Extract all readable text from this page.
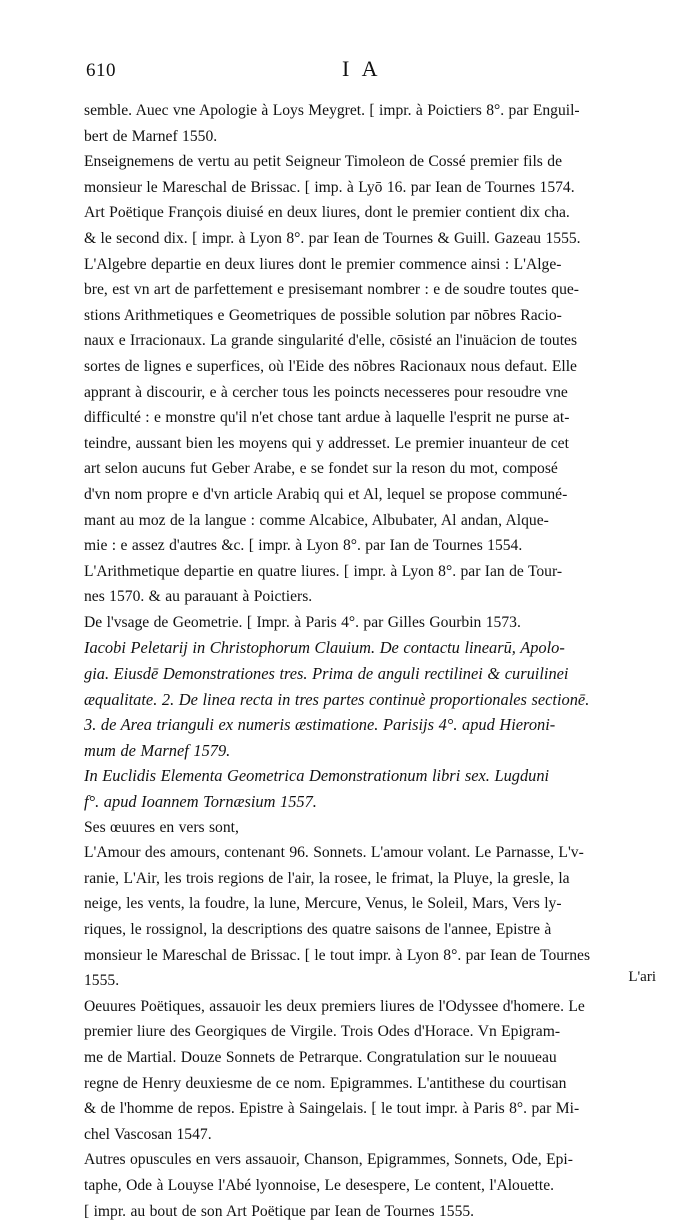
610	I A
semble. Auec vne Apologie à Loys Meygret. [ impr. à Poictiers 8°. par Enguil-
bert de Marnef 1550.
Enseignemens de vertu au petit Seigneur Timoleon de Cossé premier fils de
monsieur le Mareschal de Brissac. [ imp. à Lyō 16. par Iean de Tournes 1574.
Art Poëtique François diuisé en deux liures, dont le premier contient dix cha.
& le second dix. [ impr. à Lyon 8°. par Iean de Tournes & Guill. Gazeau 1555.
L'Algebre departie en deux liures dont le premier commence ainsi : L'Alge-
bre, est vn art de parfettement e presisemant nombrer : e de soudre toutes que-
stions Arithmetiques e Geometriques de possible solution par nōbres Racio-
naux e Irracionaux. La grande singularité d'elle, cōsisté an l'inuäcion de toutes
sortes de lignes e superfices, où l'Eide des nōbres Racionaux nous defaut. Elle
apprant à discourir, e à cercher tous les poincts necesseres pour resoudre vne
difficulté : e monstre qu'il n'et chose tant ardue à laquelle l'esprit ne purse at-
teindre, aussant bien les moyens qui y addresset. Le premier inuanteur de cet
art selon aucuns fut Geber Arabe, e se fondet sur la reson du mot, composé
d'vn nom propre e d'vn article Arabiq qui et Al, lequel se propose communé-
mant au moz de la langue : comme Alcabice, Albubater, Al andan, Alque-
mie : e assez d'autres &c. [ impr. à Lyon 8°. par Ian de Tournes 1554.
L'Arithmetique departie en quatre liures. [ impr. à Lyon 8°. par Ian de Tour-
nes 1570. & au parauant à Poictiers.
De l'vsage de Geometrie. [ Impr. à Paris 4°. par Gilles Gourbin 1573.
Iacobi Peletarij in Christophorum Clauium. De contactu linearū, Apolo-
gia. Eiusdē Demonstrationes tres. Prima de anguli rectilinei & curuilinei
æqualitate. 2. De linea recta in tres partes continuè proportionales sectionē.
3. de Area trianguli ex numeris æstimatione. Parisijs 4°. apud Hieroni-
mum de Marnef 1579.
In Euclidis Elementa Geometrica Demonstrationum libri sex. Lugduni
f°. apud Ioannem Tornæsium 1557.
Ses œuures en vers sont,
L'Amour des amours, contenant 96. Sonnets. L'amour volant. Le Parnasse, L'v-
ranie, L'Air, les trois regions de l'air, la rosee, le frimat, la Pluye, la gresle, la
neige, les vents, la foudre, la lune, Mercure, Venus, le Soleil, Mars, Vers ly-
riques, le rossignol, la descriptions des quatre saisons de l'annee, Epistre à
monsieur le Mareschal de Brissac. [ le tout impr. à Lyon 8°. par Iean de Tournes
1555.
Oeuures Poëtiques, assauoir les deux premiers liures de l'Odyssee d'homere. Le
premier liure des Georgiques de Virgile. Trois Odes d'Horace. Vn Epigram-
me de Martial. Douze Sonnets de Petrarque. Congratulation sur le nouueau
regne de Henry deuxiesme de ce nom. Epigrammes. L'antithese du courtisan
& de l'homme de repos. Epistre à Saingelais. [ le tout impr. à Paris 8°. par Mi-
chel Vascosan 1547.
Autres opuscules en vers assauoir, Chanson, Epigrammes, Sonnets, Ode, Epi-
taphe, Ode à Louyse l'Abé lyonnoise, Le desespere, Le content, l'Alouette.
[ impr. au bout de son Art Poëtique par Iean de Tournes 1555.
L'ari
